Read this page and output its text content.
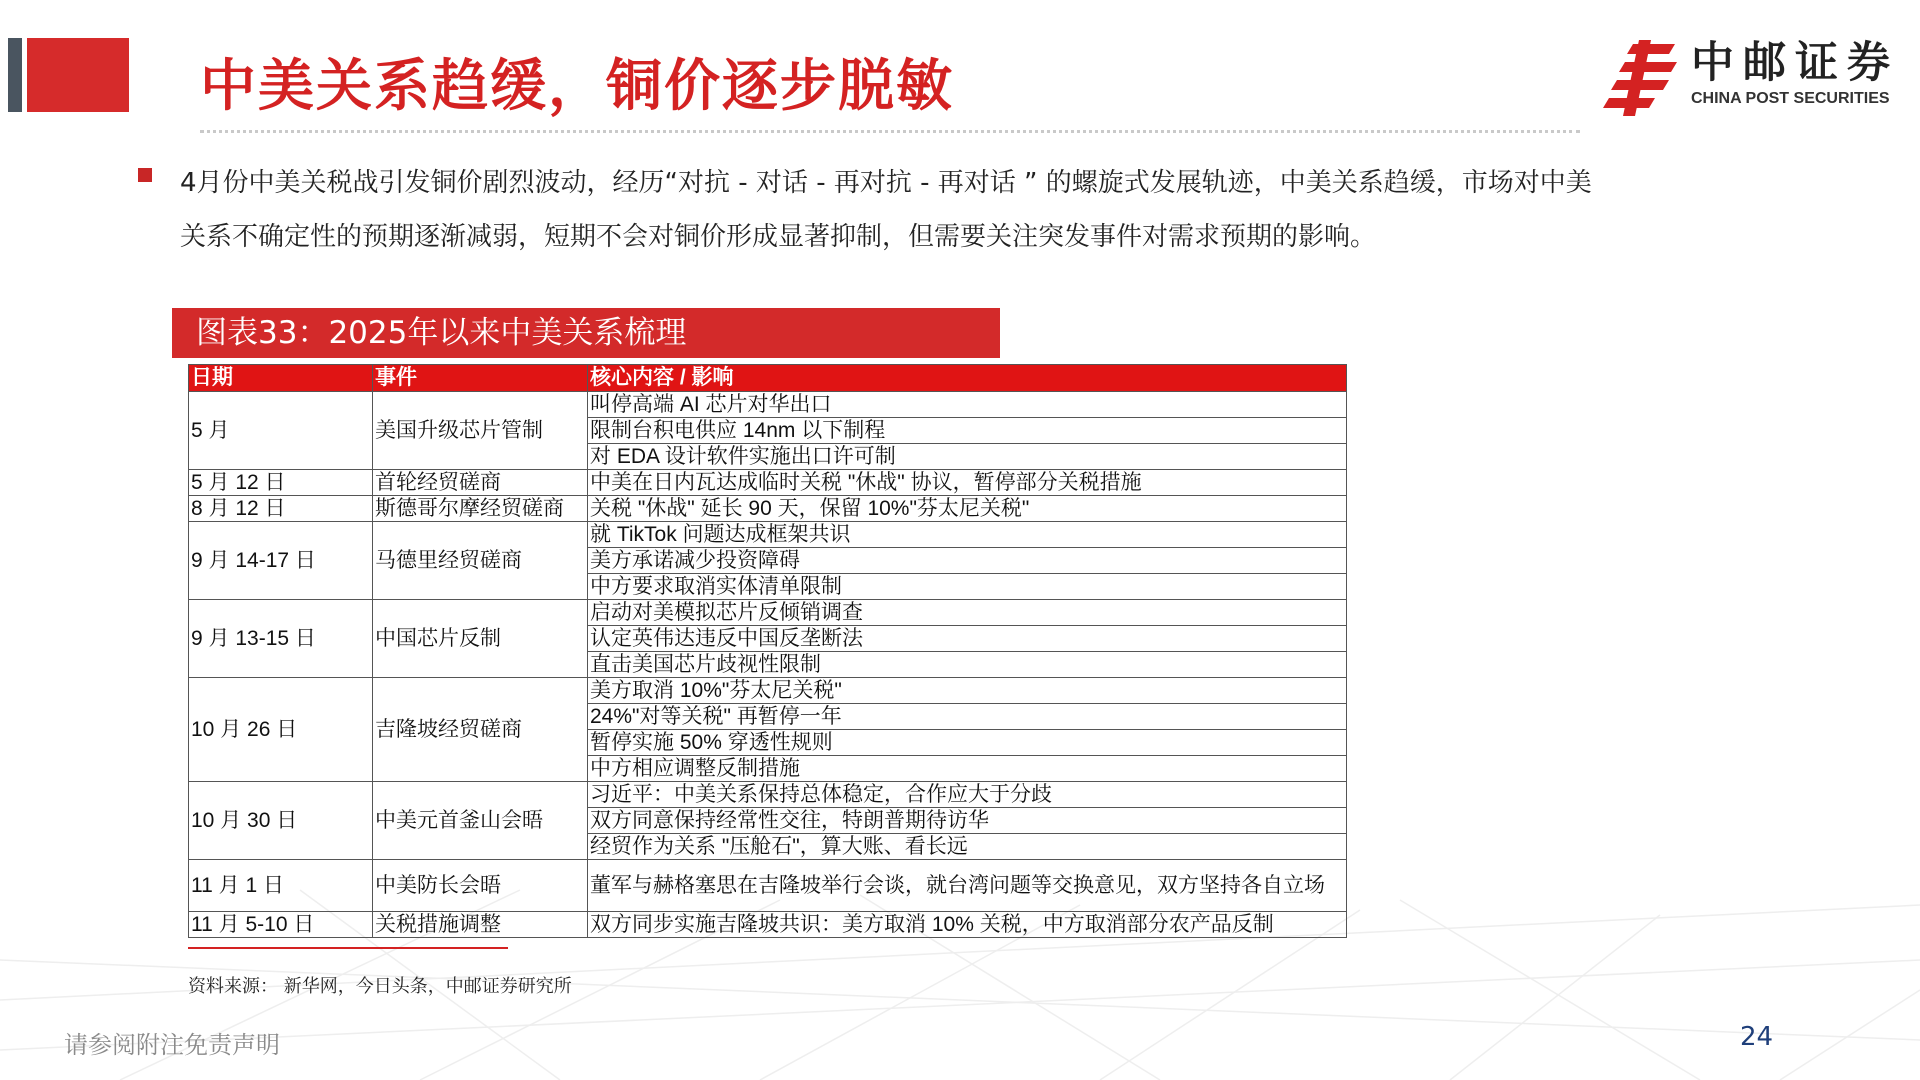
中美关系趋缓，铜价逐步脱敏	中邮证券
CHINA POST SECURITIES

4月份中美关税战引发铜价剧烈波动，经历“对抗 - 对话 - 再对抗 - 再对话 ” 的螺旋式发展轨迹，中美关系趋缓，市场对中美

关系不确定性的预期逐渐减弱，短期不会对铜价形成显著抑制，但需要关注突发事件对需求预期的影响。

图表33：2025年以来中美关系梳理
日期	事件	核心内容 / 影响
5 月	美国升级芯片管制	叫停高端 AI 芯片对华出口
		限制台积电供应 14nm 以下制程
		对 EDA 设计软件实施出口许可制
5 月 12 日	首轮经贸磋商	中美在日内瓦达成临时关税 "休战" 协议，暂停部分关税措施
8 月 12 日	斯德哥尔摩经贸磋商	关税 "休战" 延长 90 天，保留 10%"芬太尼关税"
9 月 14-17 日	马德里经贸磋商	就 TikTok 问题达成框架共识
		美方承诺减少投资障碍
		中方要求取消实体清单限制
9 月 13-15 日	中国芯片反制	启动对美模拟芯片反倾销调查
		认定英伟达违反中国反垄断法
		直击美国芯片歧视性限制
10 月 26 日	吉隆坡经贸磋商	美方取消 10%"芬太尼关税"
		24%"对等关税" 再暂停一年
		暂停实施 50% 穿透性规则
		中方相应调整反制措施
10 月 30 日	中美元首釜山会晤	习近平：中美关系保持总体稳定，合作应大于分歧
		双方同意保持经常性交往，特朗普期待访华
		经贸作为关系 "压舱石"，算大账、看长远
11 月 1 日	中美防长会晤	董军与赫格塞思在吉隆坡举行会谈，就台湾问题等交换意见，双方坚持各自立场
11 月 5-10 日	关税措施调整	双方同步实施吉隆坡共识：美方取消 10% 关税，中方取消部分农产品反制
资料来源： 新华网，今日头条，中邮证券研究所
请参阅附注免责声明	24
